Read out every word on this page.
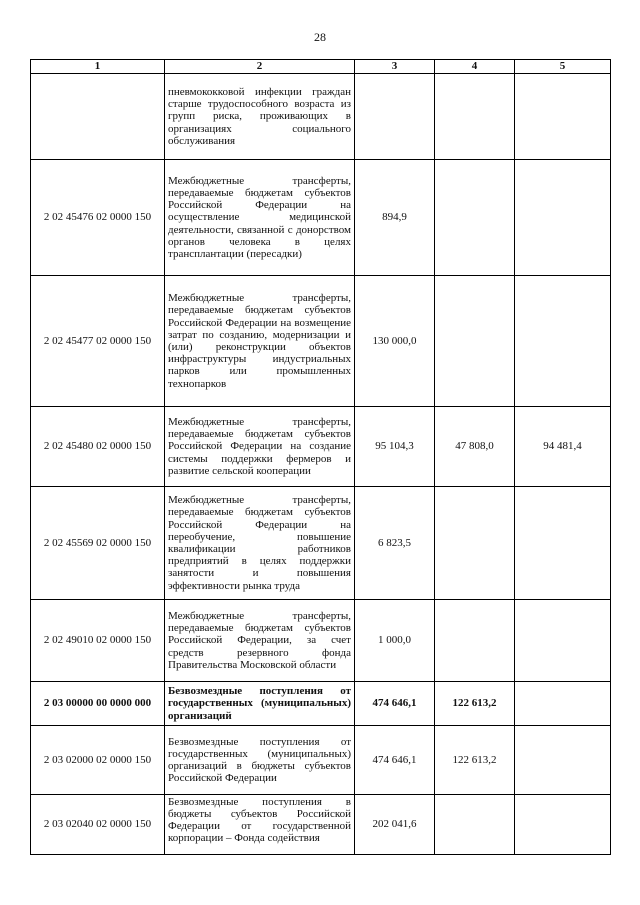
28
1	2	3	4	5

	пневмококковой инфекции граждан старше трудоспособного возраста из групп риска, проживающих в организациях социального обслуживания			

2 02 45476 02 0000 150	Межбюджетные трансферты, передаваемые бюджетам субъектов Российской Федерации на осуществление медицинской деятельности, связанной с донорством органов человека в целях трансплантации (пересадки)	894,9		
2 02 45477 02 0000 150	Межбюджетные трансферты, передаваемые бюджетам субъектов Российской Федерации на возмещение затрат по созданию, модернизации и (или) реконструкции объектов инфраструктуры индустриальных парков или промышленных технопарков	130 000,0		
2 02 45480 02 0000 150	Межбюджетные трансферты, передаваемые бюджетам субъектов Российской Федерации на создание системы поддержки фермеров и развитие сельской кооперации	95 104,3	47 808,0	94 481,4
2 02 45569 02 0000 150	Межбюджетные трансферты, передаваемые бюджетам субъектов Российской Федерации на переобучение, повышение квалификации работников предприятий в целях поддержки занятости и повышения эффективности рынка труда	6 823,5		
2 02 49010 02 0000 150	Межбюджетные трансферты, передаваемые бюджетам субъектов Российской Федерации, за счет средств резервного фонда Правительства Московской области	1 000,0		
2 03 00000 00 0000 000	Безвозмездные поступления от государственных (муниципальных) организаций	474 646,1	122 613,2	
2 03 02000 02 0000 150	Безвозмездные поступления от государственных (муниципальных) организаций в бюджеты субъектов Российской Федерации	474 646,1	122 613,2	
2 03 02040 02 0000 150	Безвозмездные поступления в бюджеты субъектов Российской Федерации от государственной корпорации – Фонда содействия	202 041,6		
